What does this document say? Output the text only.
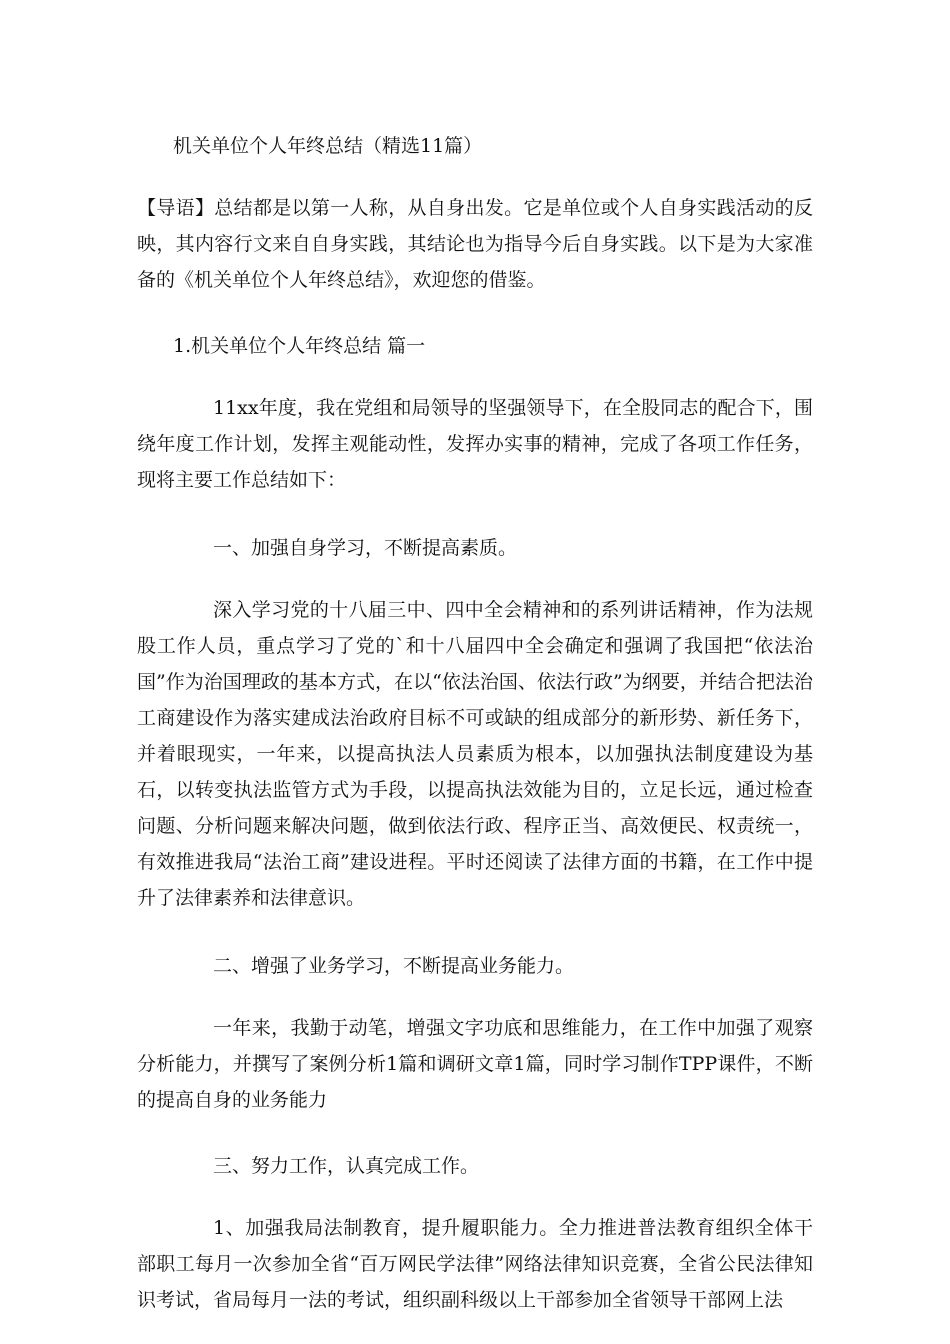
机关单位个人年终总结（精选11篇）

【导语】总结都是以第一人称，从自身出发。它是单位或个人自身实践活动的反映，其内容行文来自自身实践，其结论也为指导今后自身实践。以下是为大家准备的《机关单位个人年终总结》，欢迎您的借鉴。

1.机关单位个人年终总结 篇一

11xx年度，我在党组和局领导的坚强领导下，在全股同志的配合下，围绕年度工作计划，发挥主观能动性，发挥办实事的精神，完成了各项工作任务，现将主要工作总结如下：

一、加强自身学习，不断提高素质。

深入学习党的十八届三中、四中全会精神和的系列讲话精神，作为法规股工作人员，重点学习了党的`和十八届四中全会确定和强调了我国把“依法治国”作为治国理政的基本方式，在以“依法治国、依法行政”为纲要，并结合把法治工商建设作为落实建成法治政府目标不可或缺的组成部分的新形势、新任务下，并着眼现实，一年来，以提高执法人员素质为根本，以加强执法制度建设为基石，以转变执法监管方式为手段，以提高执法效能为目的，立足长远，通过检查问题、分析问题来解决问题，做到依法行政、程序正当、高效便民、权责统一，有效推进我局“法治工商”建设进程。平时还阅读了法律方面的书籍，在工作中提升了法律素养和法律意识。

二、增强了业务学习，不断提高业务能力。

一年来，我勤于动笔，增强文字功底和思维能力，在工作中加强了观察分析能力，并撰写了案例分析1篇和调研文章1篇，同时学习制作TPP课件，不断的提高自身的业务能力

三、努力工作，认真完成工作。

1、加强我局法制教育，提升履职能力。全力推进普法教育组织全体干部职工每月一次参加全省“百万网民学法律”网络法律知识竞赛，全省公民法律知识考试，省局每月一法的考试，组织副科级以上干部参加全省领导干部网上法
